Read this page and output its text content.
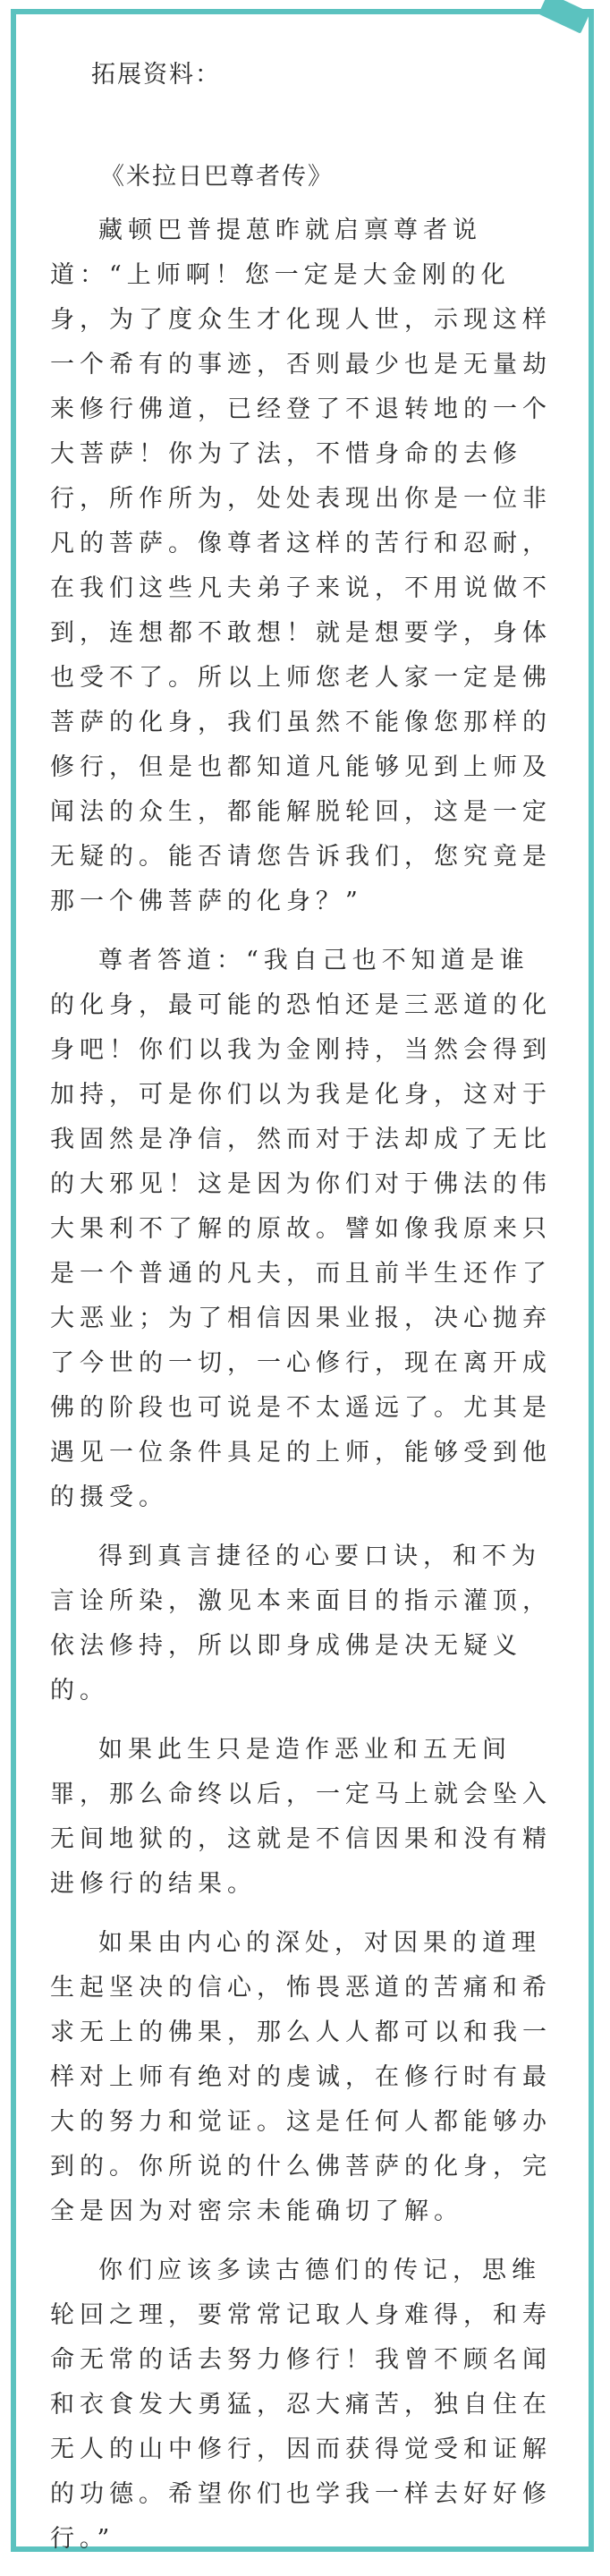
拓展资料：
《米拉日巴尊者传》

藏顿巴普提葸昨就启禀尊者说道：“上师啊！您一定是大金刚的化身，为了度众生才化现人世，示现这样一个希有的事迹，否则最少也是无量劫来修行佛道，已经登了不退转地的一个大菩萨！你为了法，不惜身命的去修行，所作所为，处处表现出你是一位非凡的菩萨。像尊者这样的苦行和忍耐，在我们这些凡夫弟子来说，不用说做不到，连想都不敢想！就是想要学，身体也受不了。所以上师您老人家一定是佛菩萨的化身，我们虽然不能像您那样的修行，但是也都知道凡能够见到上师及闻法的众生，都能解脱轮回，这是一定无疑的。能否请您告诉我们，您究竟是那一个佛菩萨的化身？”

尊者答道：“我自己也不知道是谁的化身，最可能的恐怕还是三恶道的化身吧！你们以我为金刚持，当然会得到加持，可是你们以为我是化身，这对于我固然是净信，然而对于法却成了无比的大邪见！这是因为你们对于佛法的伟大果利不了解的原故。譬如像我原来只是一个普通的凡夫，而且前半生还作了大恶业；为了相信因果业报，决心抛弃了今世的一切，一心修行，现在离开成佛的阶段也可说是不太遥远了。尤其是遇见一位条件具足的上师，能够受到他的摄受。

得到真言捷径的心要口诀，和不为言诠所染，激见本来面目的指示灌顶，依法修持，所以即身成佛是决无疑义的。

如果此生只是造作恶业和五无间罪，那么命终以后，一定马上就会坠入无间地狱的，这就是不信因果和没有精进修行的结果。

如果由内心的深处，对因果的道理生起坚决的信心，怖畏恶道的苦痛和希求无上的佛果，那么人人都可以和我一样对上师有绝对的虔诚，在修行时有最大的努力和觉证。这是任何人都能够办到的。你所说的什么佛菩萨的化身，完全是因为对密宗未能确切了解。

你们应该多读古德们的传记，思维轮回之理，要常常记取人身难得，和寿命无常的话去努力修行！我曾不顾名闻和衣食发大勇猛，忍大痛苦，独自住在无人的山中修行，因而获得觉受和证解的功德。希望你们也学我一样去好好修行。”
